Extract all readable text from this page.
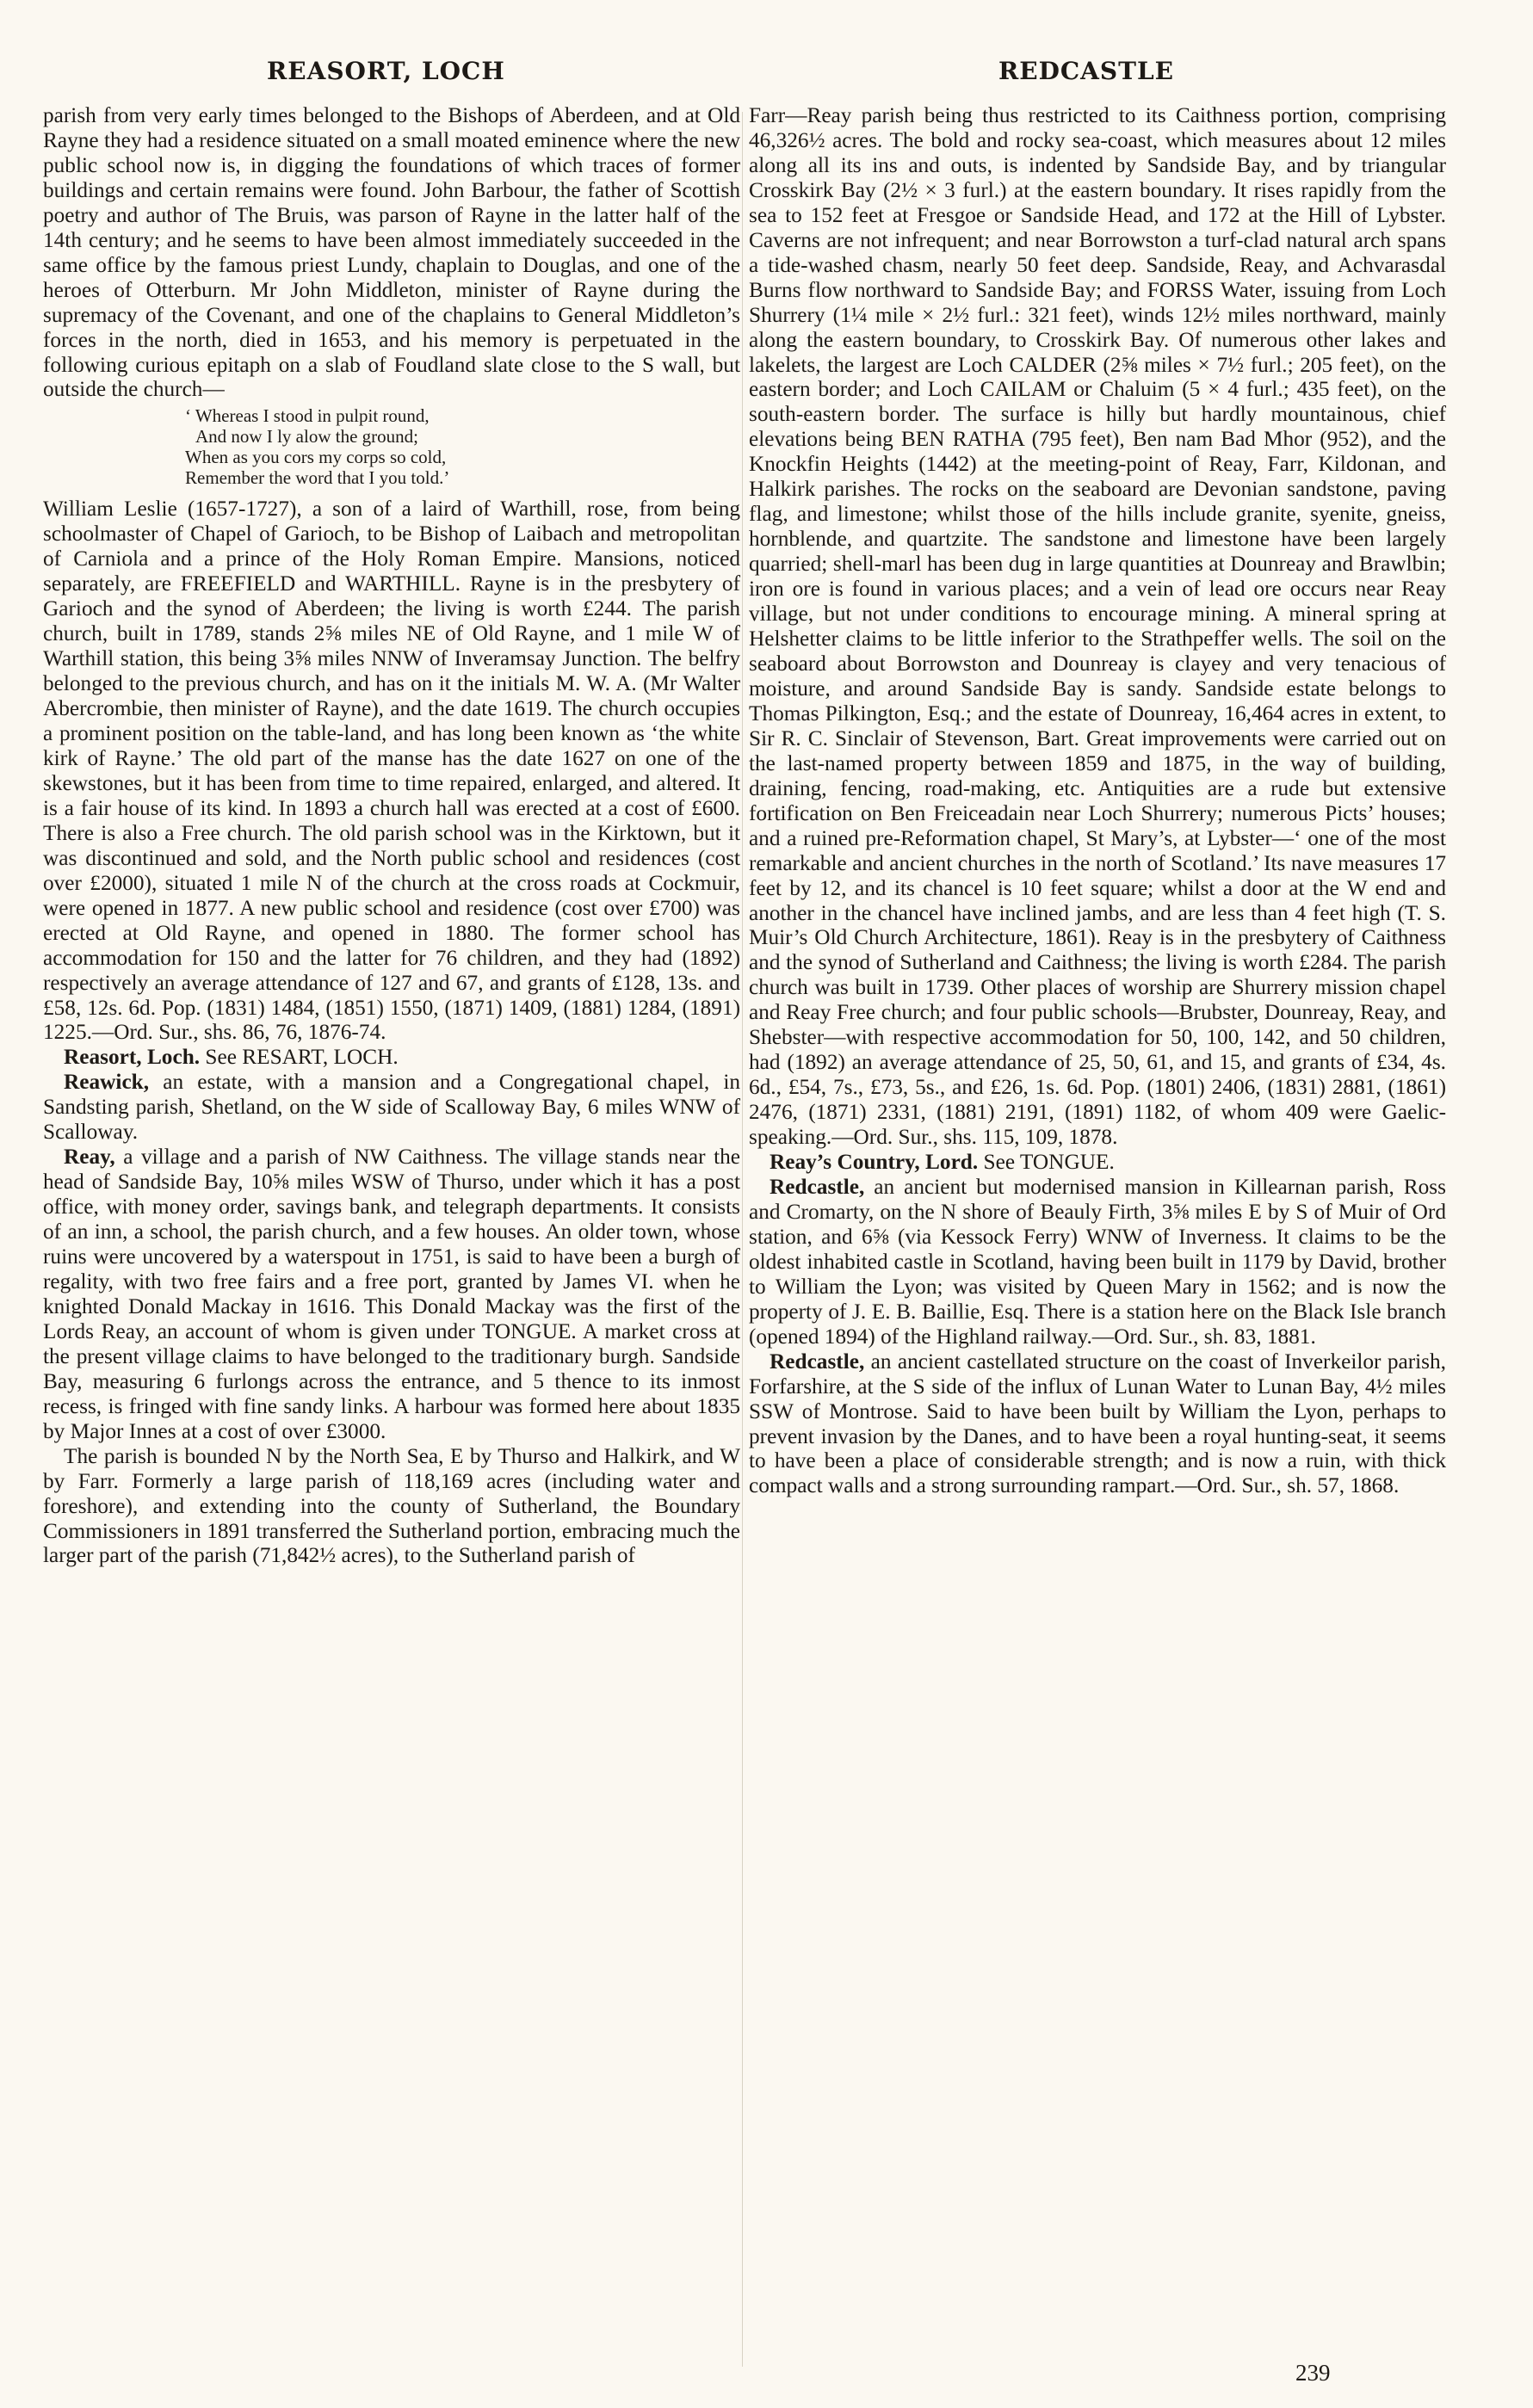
REASORT, LOCH	REDCASTLE

parish from very early times belonged to the Bishops of Aberdeen, and at Old Rayne they had a residence situated on a small moated eminence where the new public school now is, in digging the foundations of which traces of former buildings and certain remains were found. John Barbour, the father of Scottish poetry and author of The Bruis, was parson of Rayne in the latter half of the 14th century; and he seems to have been almost immediately succeeded in the same office by the famous priest Lundy, chaplain to Douglas, and one of the heroes of Otterburn. Mr John Middleton, minister of Rayne during the supremacy of the Covenant, and one of the chaplains to General Middleton’s forces in the north, died in 1653, and his memory is perpetuated in the following curious epitaph on a slab of Foudland slate close to the S wall, but outside the church—

‘ Whereas I stood in pulpit round,
And now I ly alow the ground;
When as you cors my corps so cold,
Remember the word that I you told.’

William Leslie (1657-1727), a son of a laird of Warthill, rose, from being schoolmaster of Chapel of Garioch, to be Bishop of Laibach and metropolitan of Carniola and a prince of the Holy Roman Empire. Mansions, noticed separately, are FREEFIELD and WARTHILL. Rayne is in the presbytery of Garioch and the synod of Aberdeen; the living is worth £244. The parish church, built in 1789, stands 2⅝ miles NE of Old Rayne, and 1 mile W of Warthill station, this being 3⅝ miles NNW of Inveramsay Junction. The belfry belonged to the previous church, and has on it the initials M. W. A. (Mr Walter Abercrombie, then minister of Rayne), and the date 1619. The church occupies a prominent position on the table-land, and has long been known as ‘the white kirk of Rayne.’ The old part of the manse has the date 1627 on one of the skewstones, but it has been from time to time repaired, enlarged, and altered. It is a fair house of its kind. In 1893 a church hall was erected at a cost of £600. There is also a Free church. The old parish school was in the Kirktown, but it was discontinued and sold, and the North public school and residences (cost over £2000), situated 1 mile N of the church at the cross roads at Cockmuir, were opened in 1877. A new public school and residence (cost over £700) was erected at Old Rayne, and opened in 1880. The former school has accommodation for 150 and the latter for 76 children, and they had (1892) respectively an average attendance of 127 and 67, and grants of £128, 13s. and £58, 12s. 6d. Pop. (1831) 1484, (1851) 1550, (1871) 1409, (1881) 1284, (1891) 1225.—Ord. Sur., shs. 86, 76, 1876-74.

Reasort, Loch. See RESART, LOCH.

Reawick, an estate, with a mansion and a Congregational chapel, in Sandsting parish, Shetland, on the W side of Scalloway Bay, 6 miles WNW of Scalloway.

Reay, a village and a parish of NW Caithness. The village stands near the head of Sandside Bay, 10⅝ miles WSW of Thurso, under which it has a post office, with money order, savings bank, and telegraph departments. It consists of an inn, a school, the parish church, and a few houses. An older town, whose ruins were uncovered by a waterspout in 1751, is said to have been a burgh of regality, with two free fairs and a free port, granted by James VI. when he knighted Donald Mackay in 1616. This Donald Mackay was the first of the Lords Reay, an account of whom is given under TONGUE. A market cross at the present village claims to have belonged to the traditionary burgh. Sandside Bay, measuring 6 furlongs across the entrance, and 5 thence to its inmost recess, is fringed with fine sandy links. A harbour was formed here about 1835 by Major Innes at a cost of over £3000.

The parish is bounded N by the North Sea, E by Thurso and Halkirk, and W by Farr. Formerly a large parish of 118,169 acres (including water and foreshore), and extending into the county of Sutherland, the Boundary Commissioners in 1891 transferred the Sutherland portion, embracing much the larger part of the parish (71,842½ acres), to the Sutherland parish of

Farr—Reay parish being thus restricted to its Caithness portion, comprising 46,326½ acres. The bold and rocky sea-coast, which measures about 12 miles along all its ins and outs, is indented by Sandside Bay, and by triangular Crosskirk Bay (2½ × 3 furl.) at the eastern boundary. It rises rapidly from the sea to 152 feet at Fresgoe or Sandside Head, and 172 at the Hill of Lybster. Caverns are not infrequent; and near Borrowston a turf-clad natural arch spans a tide-washed chasm, nearly 50 feet deep. Sandside, Reay, and Achvarasdal Burns flow northward to Sandside Bay; and FORSS Water, issuing from Loch Shurrery (1¼ mile × 2½ furl.: 321 feet), winds 12½ miles northward, mainly along the eastern boundary, to Crosskirk Bay. Of numerous other lakes and lakelets, the largest are Loch CALDER (2⅝ miles × 7½ furl.; 205 feet), on the eastern border; and Loch CAILAM or Chaluim (5 × 4 furl.; 435 feet), on the south-eastern border. The surface is hilly but hardly mountainous, chief elevations being BEN RATHA (795 feet), Ben nam Bad Mhor (952), and the Knockfin Heights (1442) at the meeting-point of Reay, Farr, Kildonan, and Halkirk parishes. The rocks on the seaboard are Devonian sandstone, paving flag, and limestone; whilst those of the hills include granite, syenite, gneiss, hornblende, and quartzite. The sandstone and limestone have been largely quarried; shell-marl has been dug in large quantities at Dounreay and Brawlbin; iron ore is found in various places; and a vein of lead ore occurs near Reay village, but not under conditions to encourage mining. A mineral spring at Helshetter claims to be little inferior to the Strathpeffer wells. The soil on the seaboard about Borrowston and Dounreay is clayey and very tenacious of moisture, and around Sandside Bay is sandy. Sandside estate belongs to Thomas Pilkington, Esq.; and the estate of Dounreay, 16,464 acres in extent, to Sir R. C. Sinclair of Stevenson, Bart. Great improvements were carried out on the last-named property between 1859 and 1875, in the way of building, draining, fencing, road-making, etc. Antiquities are a rude but extensive fortification on Ben Freiceadain near Loch Shurrery; numerous Picts’ houses; and a ruined pre-Reformation chapel, St Mary’s, at Lybster—‘ one of the most remarkable and ancient churches in the north of Scotland.’ Its nave measures 17 feet by 12, and its chancel is 10 feet square; whilst a door at the W end and another in the chancel have inclined jambs, and are less than 4 feet high (T. S. Muir’s Old Church Architecture, 1861). Reay is in the presbytery of Caithness and the synod of Sutherland and Caithness; the living is worth £284. The parish church was built in 1739. Other places of worship are Shurrery mission chapel and Reay Free church; and four public schools—Brubster, Dounreay, Reay, and Shebster—with respective accommodation for 50, 100, 142, and 50 children, had (1892) an average attendance of 25, 50, 61, and 15, and grants of £34, 4s. 6d., £54, 7s., £73, 5s., and £26, 1s. 6d. Pop. (1801) 2406, (1831) 2881, (1861) 2476, (1871) 2331, (1881) 2191, (1891) 1182, of whom 409 were Gaelic-speaking.—Ord. Sur., shs. 115, 109, 1878.

Reay’s Country, Lord. See TONGUE.

Redcastle, an ancient but modernised mansion in Killearnan parish, Ross and Cromarty, on the N shore of Beauly Firth, 3⅝ miles E by S of Muir of Ord station, and 6⅝ (via Kessock Ferry) WNW of Inverness. It claims to be the oldest inhabited castle in Scotland, having been built in 1179 by David, brother to William the Lyon; was visited by Queen Mary in 1562; and is now the property of J. E. B. Baillie, Esq. There is a station here on the Black Isle branch (opened 1894) of the Highland railway.—Ord. Sur., sh. 83, 1881.

Redcastle, an ancient castellated structure on the coast of Inverkeilor parish, Forfarshire, at the S side of the influx of Lunan Water to Lunan Bay, 4½ miles SSW of Montrose. Said to have been built by William the Lyon, perhaps to prevent invasion by the Danes, and to have been a royal hunting-seat, it seems to have been a place of considerable strength; and is now a ruin, with thick compact walls and a strong surrounding rampart.—Ord. Sur., sh. 57, 1868.

239
